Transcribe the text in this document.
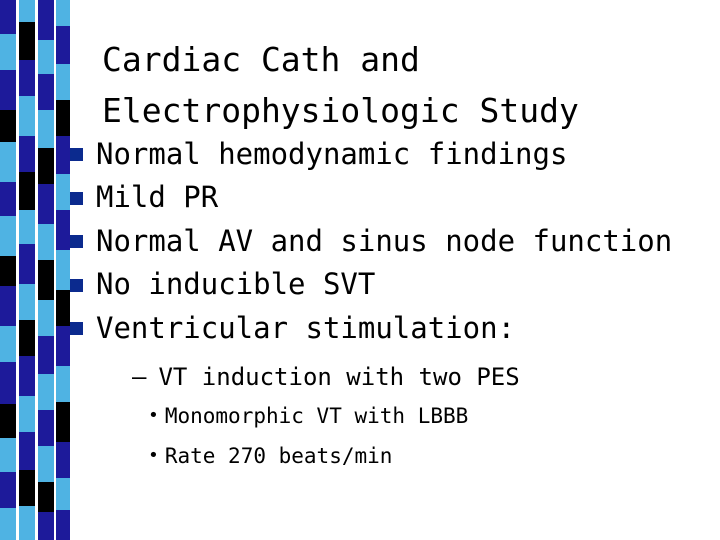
Cardiac Cath and
Electrophysiologic Study
Normal hemodynamic findings
Mild PR
Normal AV and sinus node function
No inducible SVT
Ventricular stimulation:
– VT induction with two PES
• Monomorphic VT with LBBB
• Rate 270 beats/min
